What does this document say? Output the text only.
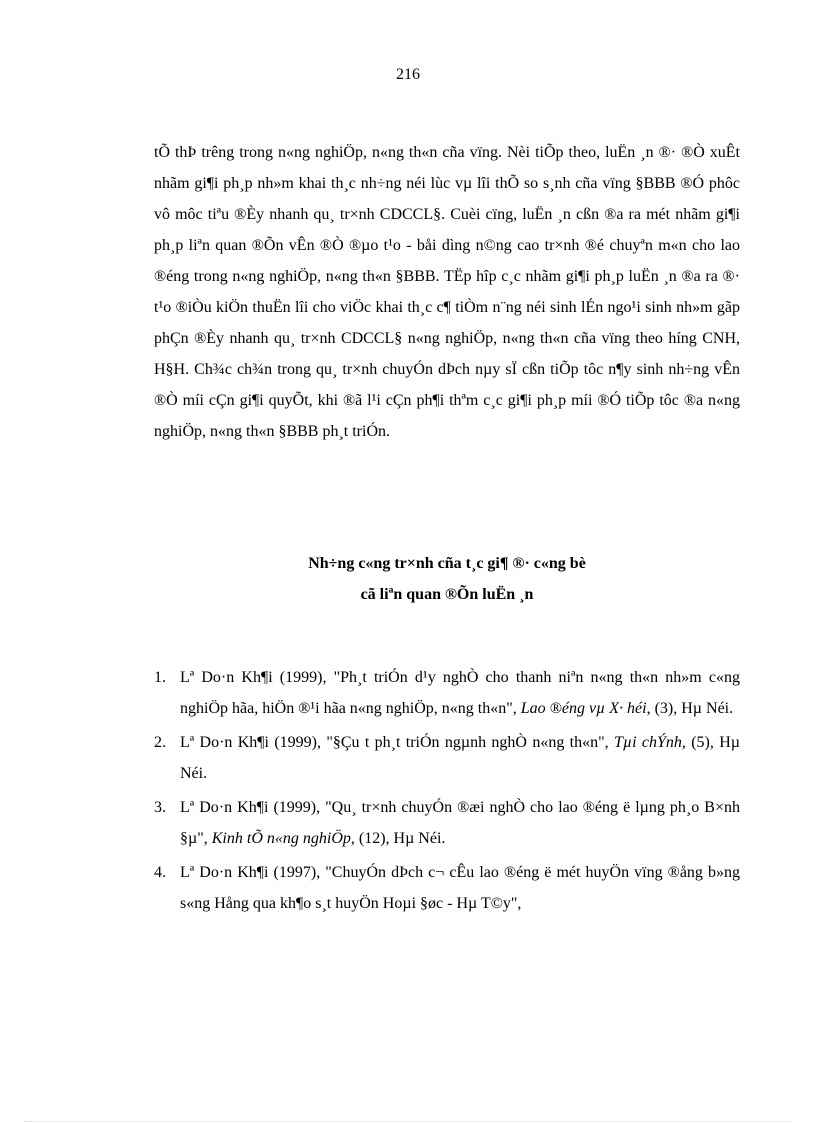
216
tÕ thÞ trêng trong n«ng nghiÖp, n«ng th«n cña vïng. Nèi tiÕp theo, luËn ¸n ®· ®Ò xuÊt nhãm gi¶i ph¸p nh»m khai th¸c nh÷ng néi lùc vµ lîi thÕ so s¸nh cña vïng §BBB ®Ó phôc vô môc tiªu ®Èy nhanh qu¸ tr×nh CDCCL§. Cuèi cïng, luËn ¸n cßn ®a ra mét nhãm gi¶i ph¸p liªn quan ®Õn vÊn ®Ò ®µo t¹o - båi dìng n©ng cao tr×nh ®é chuyªn m«n cho lao ®éng trong n«ng nghiÖp, n«ng th«n §BBB. TËp hîp c¸c nhãm gi¶i ph¸p luËn ¸n ®a ra ®· t¹o ®iÒu kiÖn thuËn lîi cho viÖc khai th¸c c¶ tiÒm n¨ng néi sinh lÉn ngo¹i sinh nh»m gãp phÇn ®Èy nhanh qu¸ tr×nh CDCCL§ n«ng nghiÖp, n«ng th«n cña vïng theo híng CNH, H§H. Ch¾c ch¾n trong qu¸ tr×nh chuyÓn dÞch nµy sÏ cßn tiÕp tôc n¶y sinh nh÷ng vÊn ®Ò míi cÇn gi¶i quyÕt, khi ®ã l¹i cÇn ph¶i thªm c¸c gi¶i ph¸p míi ®Ó tiÕp tôc ®a n«ng nghiÖp, n«ng th«n §BBB ph¸t triÓn.
Nh÷ng c«ng tr×nh cña t¸c gi¶ ®· c«ng bè
cã liªn quan ®Õn luËn ¸n
1. Lª Do·n Kh¶i (1999), "Ph¸t triÓn d¹y nghÒ cho thanh niªn n«ng th«n nh»m c«ng nghiÖp hãa, hiÖn ®¹i hãa n«ng nghiÖp, n«ng th«n", Lao ®éng vµ X· héi, (3), Hµ Néi.
2. Lª Do·n Kh¶i (1999), "§Çu t ph¸t triÓn ngµnh nghÒ n«ng th«n", Tµi chÝnh, (5), Hµ Néi.
3. Lª Do·n Kh¶i (1999), "Qu¸ tr×nh chuyÓn ®æi nghÒ cho lao ®éng ë lµng ph¸o B×nh §µ", Kinh tÕ n«ng nghiÖp, (12), Hµ Néi.
4. Lª Do·n Kh¶i (1997), "ChuyÓn dÞch c¬ cÊu lao ®éng ë mét huyÖn vïng ®ång b»ng s«ng Hång qua kh¶o s¸t huyÖn Hoµi §øc - Hµ T©y",
